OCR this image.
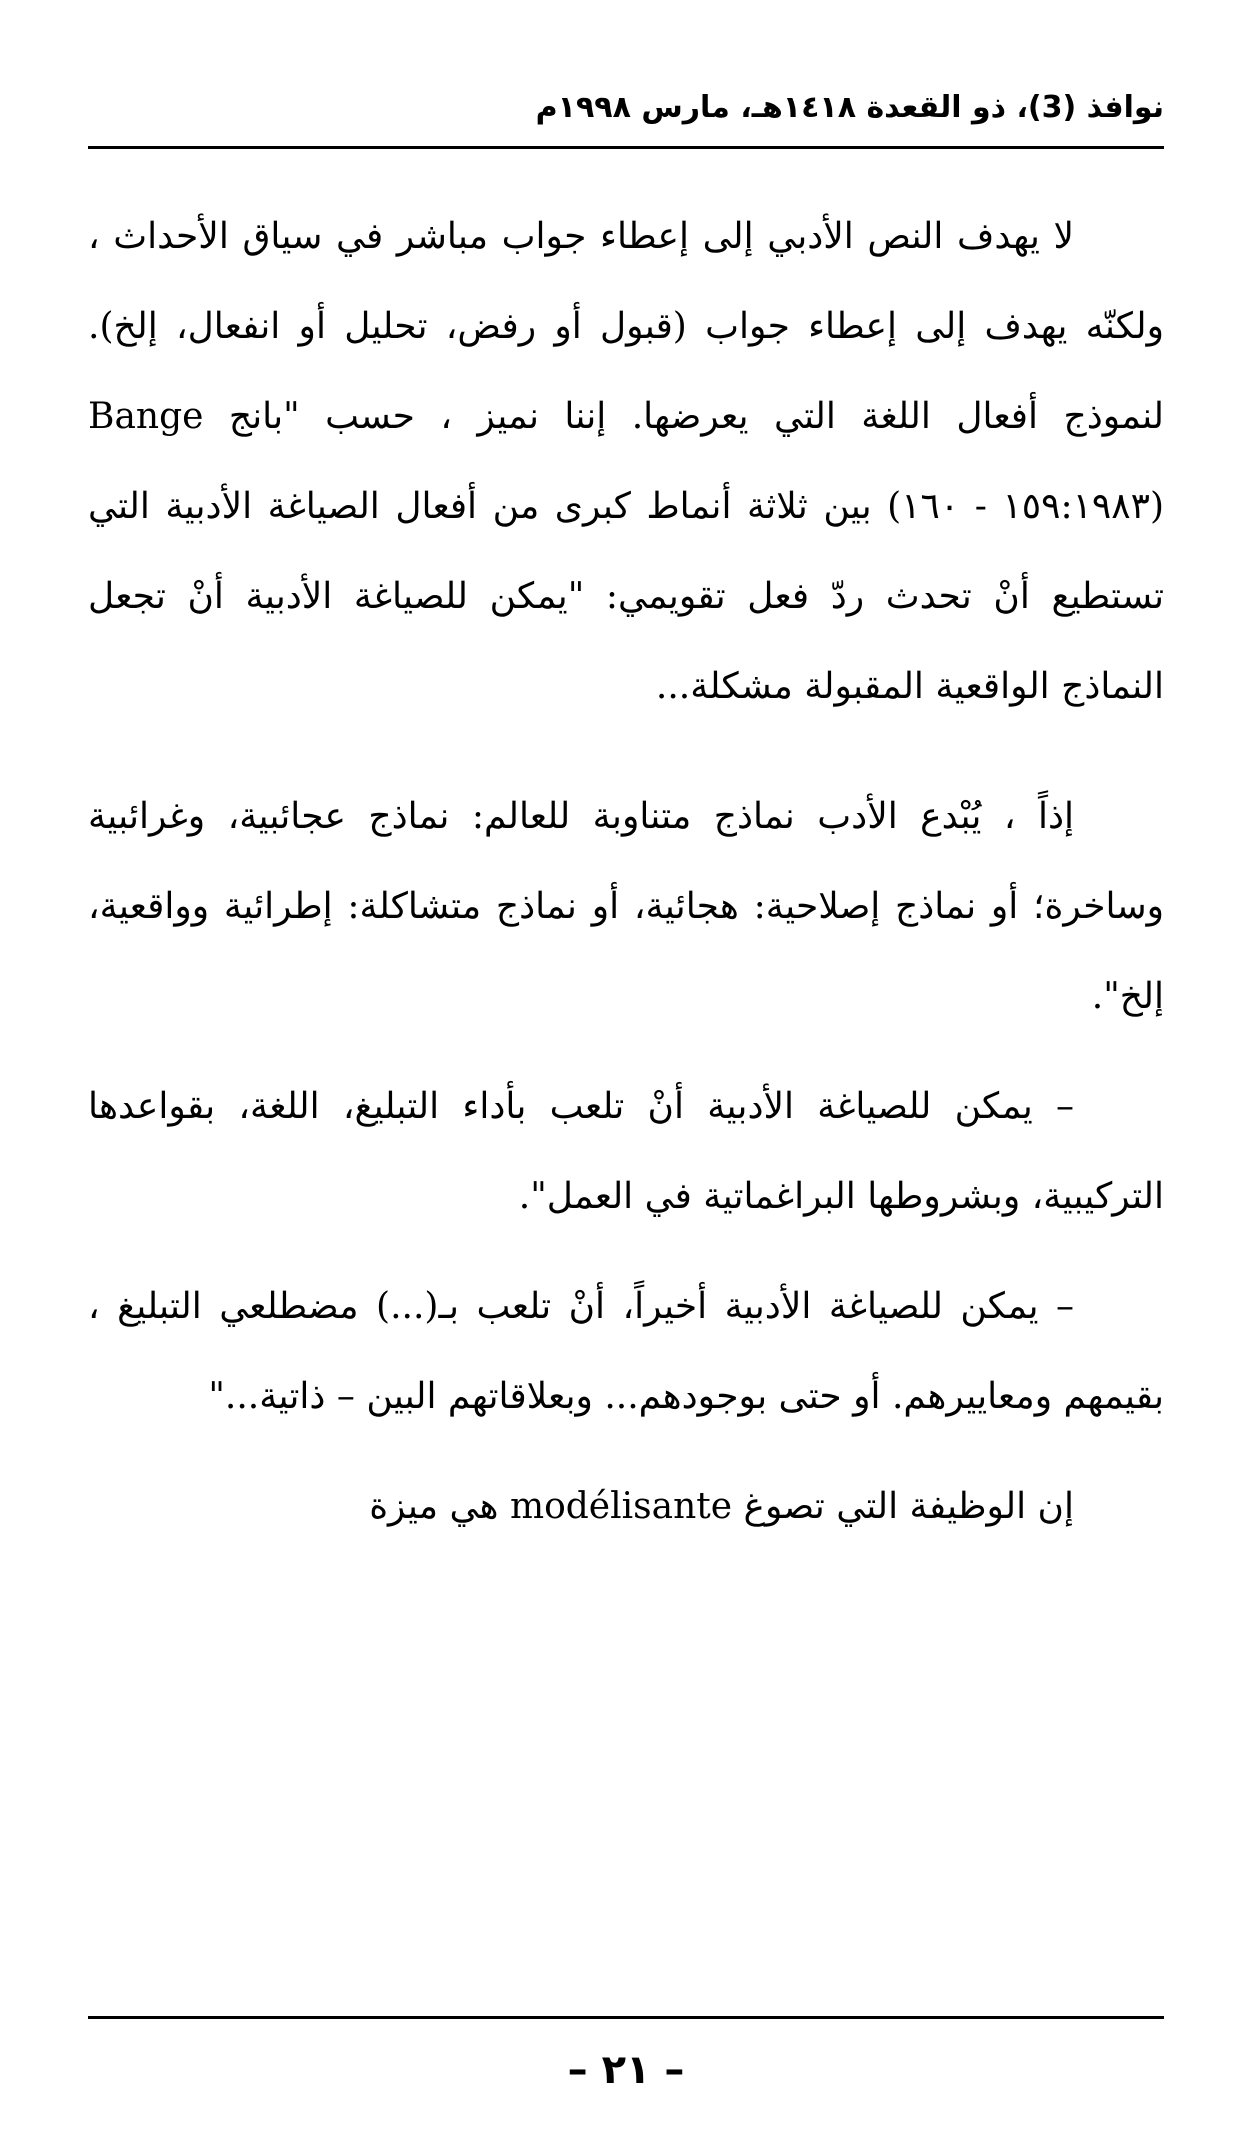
نوافذ (3)، ذو القعدة ١٤١٨هـ، مارس ١٩٩٨م

لا يهدف النص الأدبي إلى إعطاء جواب مباشر في سياق الأحداث ، ولكنّه يهدف إلى إعطاء جواب (قبول أو رفض، تحليل أو انفعال، إلخ). لنموذج أفعال اللغة التي يعرضها. إننا نميز ، حسب "بانج Bange (١٥٩:١٩٨٣ - ١٦٠) بين ثلاثة أنماط كبرى من أفعال الصياغة الأدبية التي تستطيع أنْ تحدث ردّ فعل تقويمي: "يمكن للصياغة الأدبية أنْ تجعل النماذج الواقعية المقبولة مشكلة...

إذاً ، يُبْدع الأدب نماذج متناوبة للعالم: نماذج عجائبية، وغرائبية وساخرة؛ أو نماذج إصلاحية: هجائية، أو نماذج متشاكلة: إطرائية وواقعية، إلخ".

– يمكن للصياغة الأدبية أنْ تلعب بأداء التبليغ، اللغة، بقواعدها التركيبية، وبشروطها البراغماتية في العمل".

– يمكن للصياغة الأدبية أخيراً، أنْ تلعب بـ(...) مضطلعي التبليغ ، بقيمهم ومعاييرهم. أو حتى بوجودهم... وبعلاقاتهم البين – ذاتية..."

إن الوظيفة التي تصوغ modélisante هي ميزة

– ٢١ –
